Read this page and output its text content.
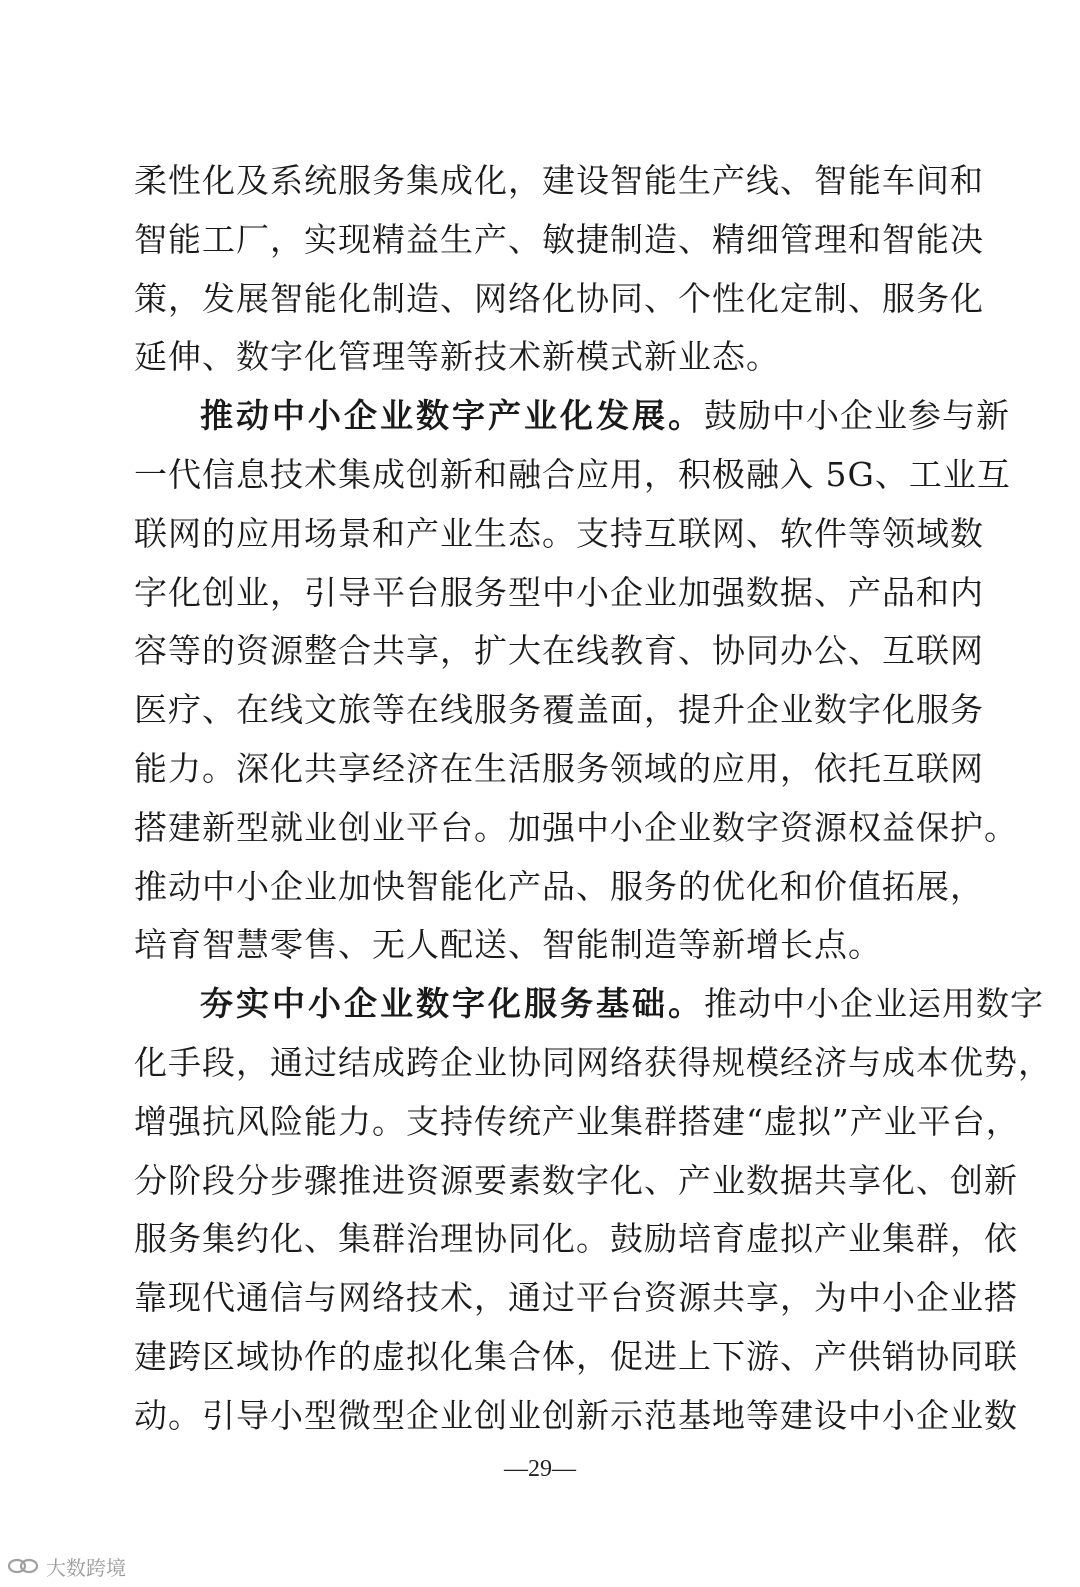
柔性化及系统服务集成化，建设智能生产线、智能车间和
智能工厂，实现精益生产、敏捷制造、精细管理和智能决
策，发展智能化制造、网络化协同、个性化定制、服务化
延伸、数字化管理等新技术新模式新业态。
推动中小企业数字产业化发展。鼓励中小企业参与新
一代信息技术集成创新和融合应用，积极融入 5G、工业互
联网的应用场景和产业生态。支持互联网、软件等领域数
字化创业，引导平台服务型中小企业加强数据、产品和内
容等的资源整合共享，扩大在线教育、协同办公、互联网
医疗、在线文旅等在线服务覆盖面，提升企业数字化服务
能力。深化共享经济在生活服务领域的应用，依托互联网
搭建新型就业创业平台。加强中小企业数字资源权益保护。
推动中小企业加快智能化产品、服务的优化和价值拓展，
培育智慧零售、无人配送、智能制造等新增长点。
夯实中小企业数字化服务基础。推动中小企业运用数字
化手段，通过结成跨企业协同网络获得规模经济与成本优势，
增强抗风险能力。支持传统产业集群搭建“虚拟”产业平台，
分阶段分步骤推进资源要素数字化、产业数据共享化、创新
服务集约化、集群治理协同化。鼓励培育虚拟产业集群，依
靠现代通信与网络技术，通过平台资源共享，为中小企业搭
建跨区域协作的虚拟化集合体，促进上下游、产供销协同联
动。引导小型微型企业创业创新示范基地等建设中小企业数
—29—
大数跨境
